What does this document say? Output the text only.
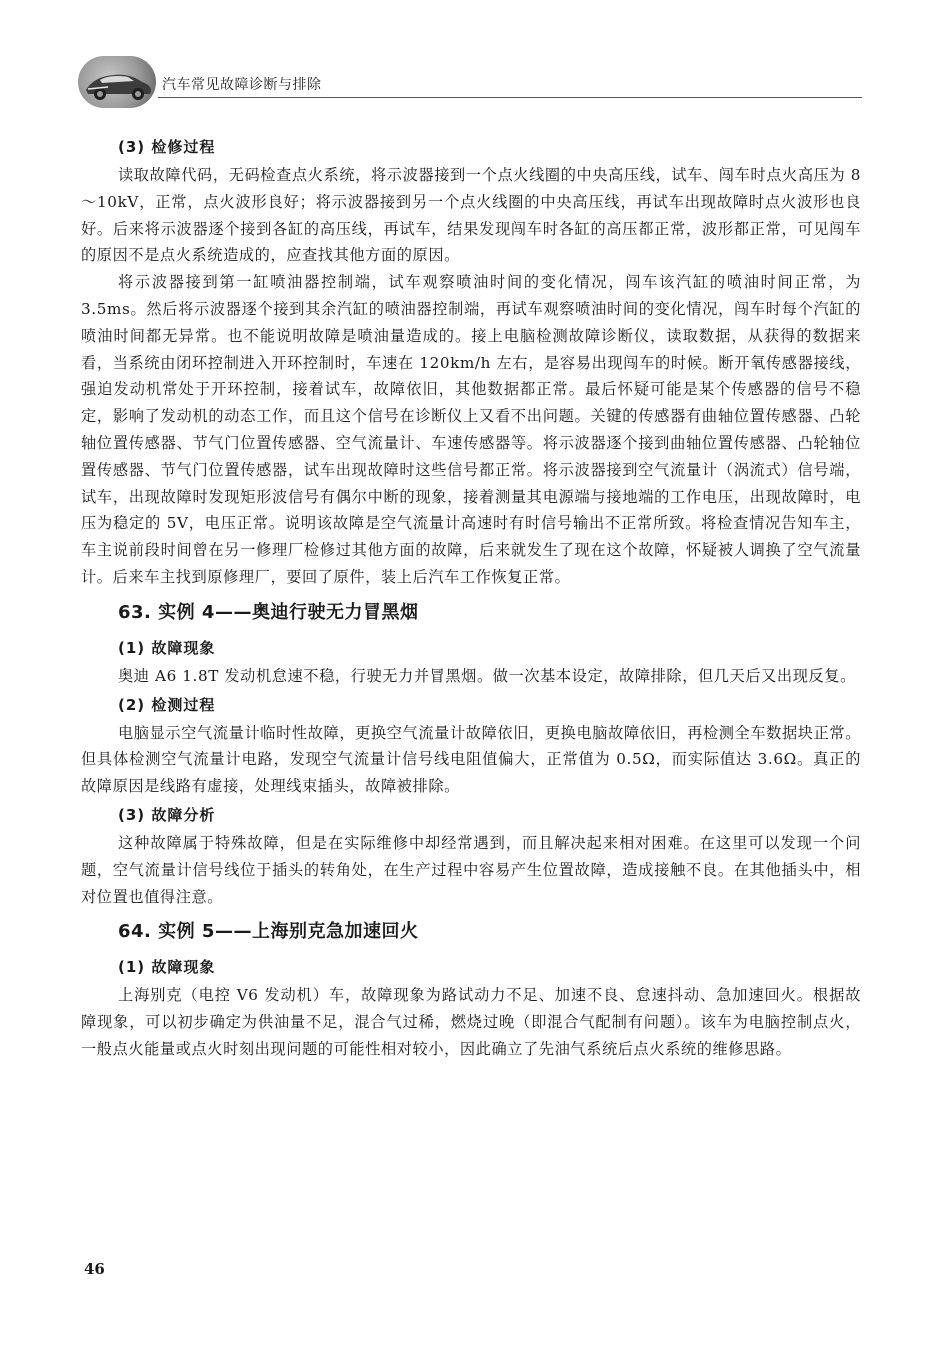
汽车常见故障诊断与排除
(3) 检修过程

读取故障代码，无码检查点火系统，将示波器接到一个点火线圈的中央高压线，试车、闯车时点火高压为 8～10kV，正常，点火波形良好；将示波器接到另一个点火线圈的中央高压线，再试车出现故障时点火波形也良好。后来将示波器逐个接到各缸的高压线，再试车，结果发现闯车时各缸的高压都正常，波形都正常，可见闯车的原因不是点火系统造成的，应查找其他方面的原因。

将示波器接到第一缸喷油器控制端，试车观察喷油时间的变化情况，闯车该汽缸的喷油时间正常，为 3.5ms。然后将示波器逐个接到其余汽缸的喷油器控制端，再试车观察喷油时间的变化情况，闯车时每个汽缸的喷油时间都无异常。也不能说明故障是喷油量造成的。接上电脑检测故障诊断仪，读取数据，从获得的数据来看，当系统由闭环控制进入开环控制时，车速在 120km/h 左右，是容易出现闯车的时候。断开氧传感器接线，强迫发动机常处于开环控制，接着试车，故障依旧，其他数据都正常。最后怀疑可能是某个传感器的信号不稳定，影响了发动机的动态工作，而且这个信号在诊断仪上又看不出问题。关键的传感器有曲轴位置传感器、凸轮轴位置传感器、节气门位置传感器、空气流量计、车速传感器等。将示波器逐个接到曲轴位置传感器、凸轮轴位置传感器、节气门位置传感器，试车出现故障时这些信号都正常。将示波器接到空气流量计（涡流式）信号端，试车，出现故障时发现矩形波信号有偶尔中断的现象，接着测量其电源端与接地端的工作电压，出现故障时，电压为稳定的 5V，电压正常。说明该故障是空气流量计高速时有时信号输出不正常所致。将检查情况告知车主，车主说前段时间曾在另一修理厂检修过其他方面的故障，后来就发生了现在这个故障，怀疑被人调换了空气流量计。后来车主找到原修理厂，要回了原件，装上后汽车工作恢复正常。

63. 实例 4——奥迪行驶无力冒黑烟
(1) 故障现象

奥迪 A6 1.8T 发动机怠速不稳，行驶无力并冒黑烟。做一次基本设定，故障排除，但几天后又出现反复。

(2) 检测过程

电脑显示空气流量计临时性故障，更换空气流量计故障依旧，更换电脑故障依旧，再检测全车数据块正常。但具体检测空气流量计电路，发现空气流量计信号线电阻值偏大，正常值为 0.5Ω，而实际值达 3.6Ω。真正的故障原因是线路有虚接，处理线束插头，故障被排除。

(3) 故障分析

这种故障属于特殊故障，但是在实际维修中却经常遇到，而且解决起来相对困难。在这里可以发现一个问题，空气流量计信号线位于插头的转角处，在生产过程中容易产生位置故障，造成接触不良。在其他插头中，相对位置也值得注意。

64. 实例 5——上海别克急加速回火
(1) 故障现象

上海别克（电控 V6 发动机）车，故障现象为路试动力不足、加速不良、怠速抖动、急加速回火。根据故障现象，可以初步确定为供油量不足，混合气过稀，燃烧过晚（即混合气配制有问题）。该车为电脑控制点火，一般点火能量或点火时刻出现问题的可能性相对较小，因此确立了先油气系统后点火系统的维修思路。

46
